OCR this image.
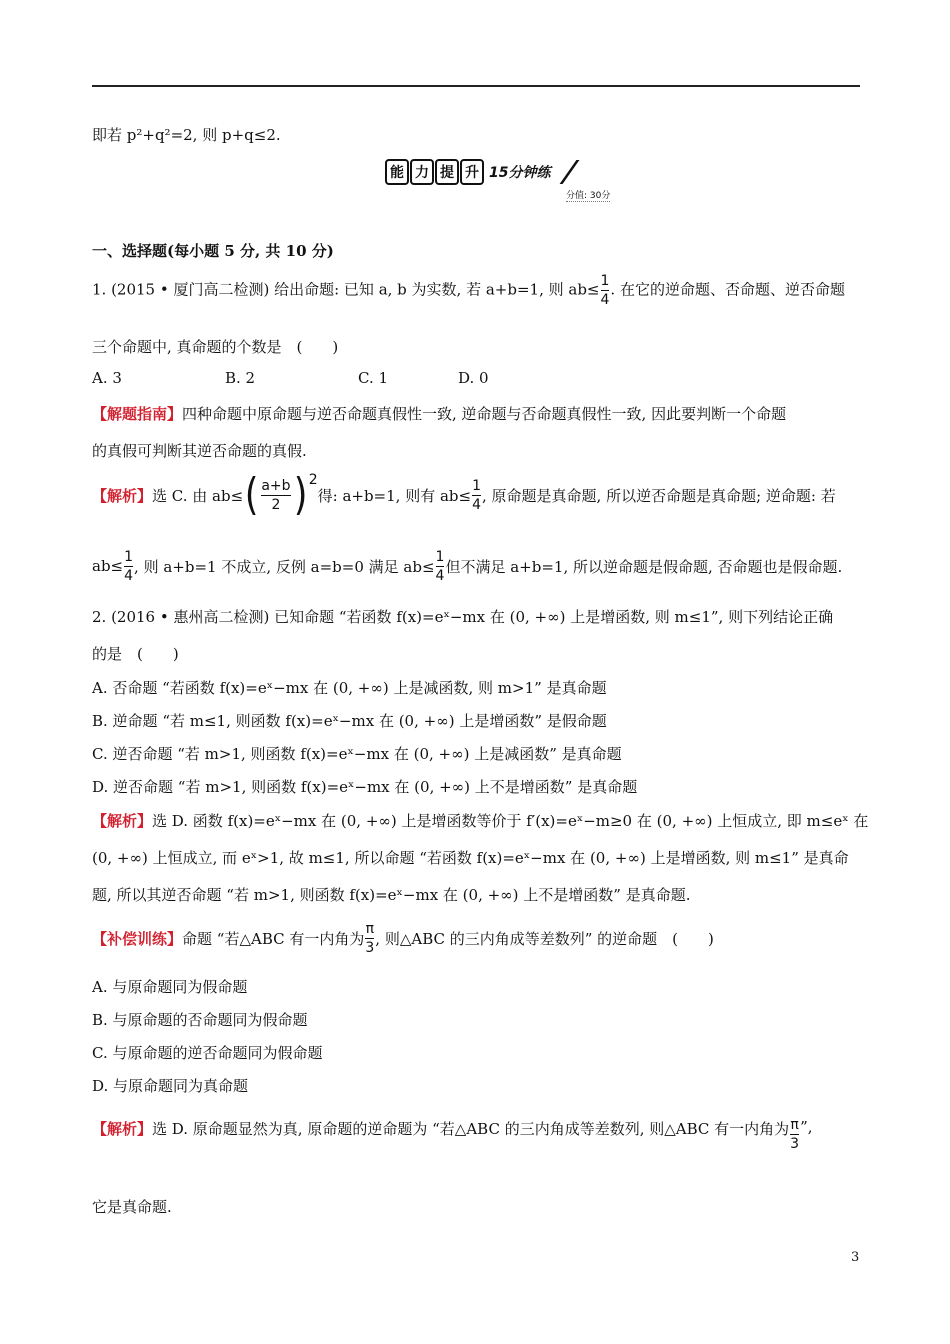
即若 p²+q²=2, 则 p+q≤2.
能 力 提 升 15分钟练
分值: 30分
一、选择题(每小题 5 分, 共 10 分)
1. (2015 • 厦门高二检测) 给出命题: 已知 a, b 为实数, 若 a+b=1, 则 $ab\le \frac{1}{4}$ . 在它的逆命题、否命题、逆否命题
三个命题中, 真命题的个数是　(　　)
A. 3	B. 2	C. 1	D. 0
【解题指南】四种命题中原命题与逆否命题真假性一致, 逆命题与否命题真假性一致, 因此要判断一个命题
的真假可判断其逆否命题的真假.
【解析】 选 C. 由 ab≤ ( $\frac{a+b}{2}$ ) 2
得: a+b=1, 则有 $ab\le \frac{1}{4}$ , 原命题是真命题, 所以逆否命题是真命题; 逆命题: 若
$ab\le \frac{1}{4}$ , 则 a+b=1 不成立, 反例 a=b=0 满足 $ab\le \frac{1}{4}$ 但不满足 a+b=1, 所以逆命题是假命题, 否命题也是假命题.
2. (2016 • 惠州高二检测) 已知命题 “若函数 f(x)=eˣ−mx 在 (0, +∞) 上是增函数, 则 m≤1”, 则下列结论正确
的是　(　　)
A. 否命题 “若函数 f(x)=eˣ−mx 在 (0, +∞) 上是减函数, 则 m>1” 是真命题
B. 逆命题 “若 m≤1, 则函数 f(x)=eˣ−mx 在 (0, +∞) 上是增函数” 是假命题
C. 逆否命题 “若 m>1, 则函数 f(x)=eˣ−mx 在 (0, +∞) 上是减函数” 是真命题
D. 逆否命题 “若 m>1, 则函数 f(x)=eˣ−mx 在 (0, +∞) 上不是增函数” 是真命题
【解析】选 D. 函数 f(x)=eˣ−mx 在 (0, +∞) 上是增函数等价于 f′(x)=eˣ−m≥0 在 (0, +∞) 上恒成立, 即 m≤eˣ 在
(0, +∞) 上恒成立, 而 eˣ>1, 故 m≤1, 所以命题 “若函数 f(x)=eˣ−mx 在 (0, +∞) 上是增函数, 则 m≤1” 是真命
题, 所以其逆否命题 “若 m>1, 则函数 f(x)=eˣ−mx 在 (0, +∞) 上不是增函数” 是真命题.
【补偿训练】 命题 “若△ABC 有一内角为 $\frac{\pi}{3}$ , 则△ABC 的三内角成等差数列” 的逆命题　(　　)
A. 与原命题同为假命题
B. 与原命题的否命题同为假命题
C. 与原命题的逆否命题同为假命题
D. 与原命题同为真命题
【解析】 选 D. 原命题显然为真, 原命题的逆命题为 “若△ABC 的三内角成等差数列, 则△ABC 有一内角为 $\frac{\pi}{3}$ ”,
它是真命题.
3
